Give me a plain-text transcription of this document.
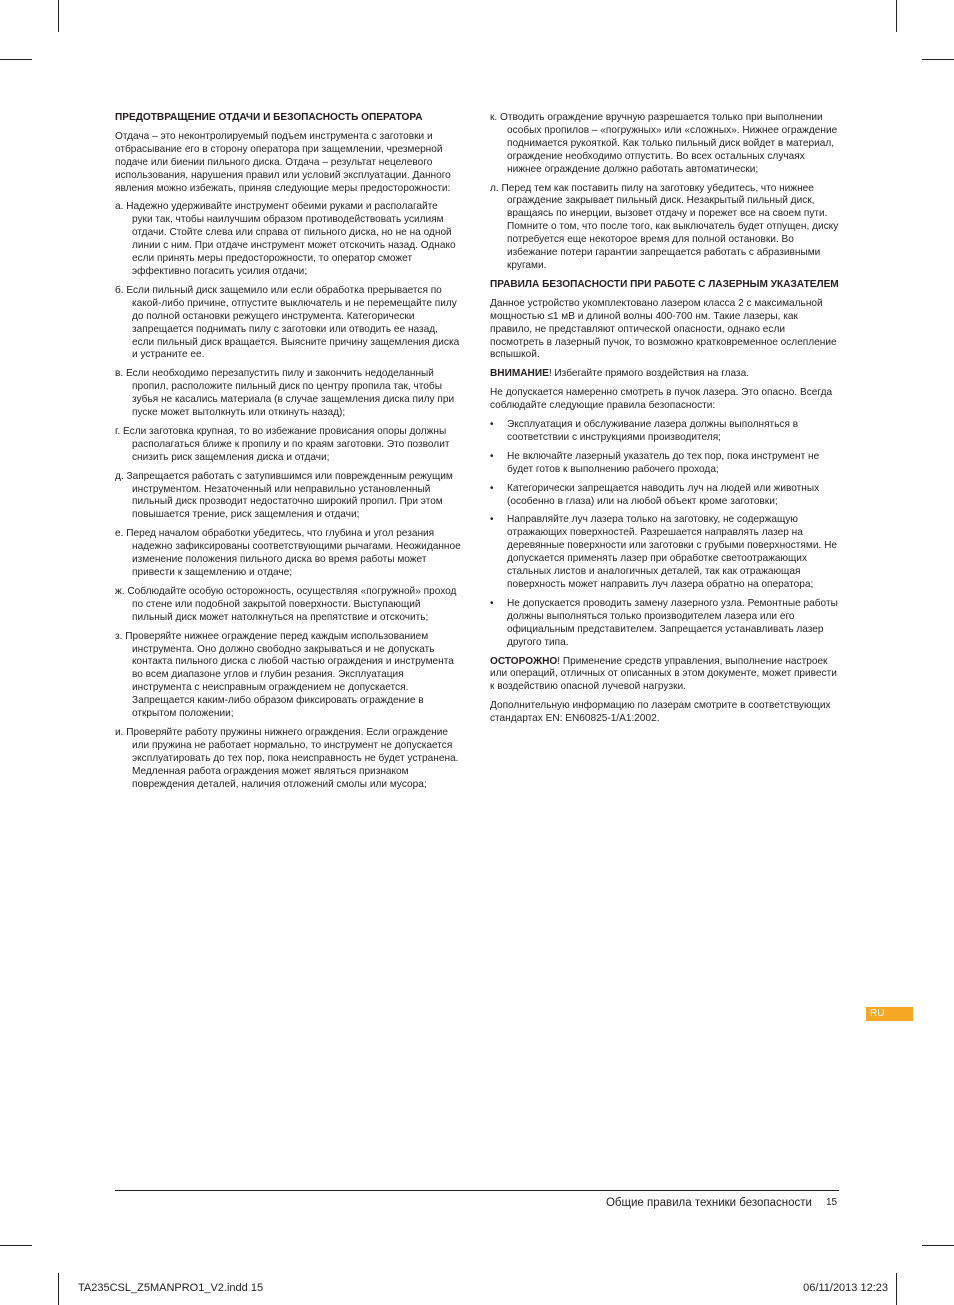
ПРЕДОТВРАЩЕНИЕ ОТДАЧИ И БЕЗОПАСНОСТЬ ОПЕРАТОРА
Отдача – это неконтролируемый подъем инструмента с заготовки и отбрасывание его в сторону оператора при защемлении, чрезмерной подаче или биении пильного диска. Отдача – результат нецелевого использования, нарушения правил или условий эксплуатации. Данного явления можно избежать, приняв следующие меры предосторожности:
а. Надежно удерживайте инструмент обеими руками и располагайте руки так, чтобы наилучшим образом противодействовать усилиям отдачи. Стойте слева или справа от пильного диска, но не на одной линии с ним. При отдаче инструмент может отскочить назад. Однако если принять меры предосторожности, то оператор сможет эффективно погасить усилия отдачи;
б. Если пильный диск защемило или если обработка прерывается по какой-либо причине, отпустите выключатель и не перемещайте пилу до полной остановки режущего инструмента. Категорически запрещается поднимать пилу с заготовки или отводить ее назад, если пильный диск вращается. Выясните причину защемления диска и устраните ее.
в. Если необходимо перезапустить пилу и закончить недоделанный пропил, расположите пильный диск по центру пропила так, чтобы зубья не касались материала (в случае защемления диска пилу при пуске может вытолкнуть или откинуть назад);
г. Если заготовка крупная, то во избежание провисания опоры должны располагаться ближе к пропилу и по краям заготовки. Это позволит снизить риск защемления диска и отдачи;
д. Запрещается работать с затупившимся или поврежденным режущим инструментом. Незаточенный или неправильно установленный пильный диск прозводит недостаточно широкий пропил. При этом повышается трение, риск защемления и отдачи;
е. Перед началом обработки убедитесь, что глубина и угол резания надежно зафиксированы соответствующими рычагами. Неожиданное изменение положения пильного диска во время работы может привести к защемлению и отдаче;
ж. Соблюдайте особую осторожность, осуществляя «погружной» проход по стене или подобной закрытой поверхности. Выступающий пильный диск может натолкнуться на препятствие и отскочить;
з. Проверяйте нижнее ограждение перед каждым использованием инструмента. Оно должно свободно закрываться и не допускать контакта пильного диска с любой частью ограждения и инструмента во всем диапазоне углов и глубин резания. Эксплуатация инструмента с неисправным ограждением не допускается. Запрещается каким-либо образом фиксировать ограждение в открытом положении;
и. Проверяйте работу пружины нижнего ограждения. Если ограждение или пружина не работает нормально, то инструмент не допускается эксплуатировать до тех пор, пока неисправность не будет устранена. Медленная работа ограждения может являться признаком повреждения деталей, наличия отложений смолы или мусора;
к. Отводить ограждение вручную разрешается только при выполнении особых пропилов – «погружных» или «сложных». Нижнее ограждение поднимается рукояткой. Как только пильный диск войдет в материал, ограждение необходимо отпустить. Во всех остальных случаях нижнее ограждение должно работать автоматически;
л. Перед тем как поставить пилу на заготовку убедитесь, что нижнее ограждение закрывает пильный диск. Незакрытый пильный диск, вращаясь по инерции, вызовет отдачу и порежет все на своем пути. Помните о том, что после того, как выключатель будет отпущен, диску потребуется еще некоторое время для полной остановки. Во избежание потери гарантии запрещается работать с абразивными кругами.
ПРАВИЛА БЕЗОПАСНОСТИ ПРИ РАБОТЕ С ЛАЗЕРНЫМ УКАЗАТЕЛЕМ
Данное устройство укомплектовано лазером класса 2 с максимальной мощностью ≤1 мВ и длиной волны 400-700 нм. Такие лазеры, как правило, не представляют оптической опасности, однако если посмотреть в лазерный пучок, то возможно кратковременное ослепление вспышкой.
ВНИМАНИЕ! Избегайте прямого воздействия на глаза.
Не допускается намеренно смотреть в пучок лазера. Это опасно. Всегда соблюдайте следующие правила безопасности:
• Эксплуатация и обслуживание лазера должны выполняться в соответствии с инструкциями производителя;
• Не включайте лазерный указатель до тех пор, пока инструмент не будет готов к выполнению рабочего прохода;
• Категорически запрещается наводить луч на людей или животных (особенно в глаза) или на любой объект кроме заготовки;
• Направляйте луч лазера только на заготовку, не содержащую отражающих поверхностей. Разрешается направлять лазер на деревянные поверхности или заготовки с грубыми поверхностями. Не допускается применять лазер при обработке светоотражающих стальных листов и аналогичных деталей, так как отражающая поверхность может направить луч лазера обратно на оператора;
• Не допускается проводить замену лазерного узла. Ремонтные работы должны выполняться только производителем лазера или его официальным представителем. Запрещается устанавливать лазер другого типа.
ОСТОРОЖНО! Применение средств управления, выполнение настроек или операций, отличных от описанных в этом документе, может привести к воздействию опасной лучевой нагрузки.
Дополнительную информацию по лазерам смотрите в соответствующих стандартах EN: EN60825-1/A1:2002.
RU
Общие правила техники безопасности 15
TA235CSL_Z5MANPRO1_V2.indd 15	06/11/2013 12:23
